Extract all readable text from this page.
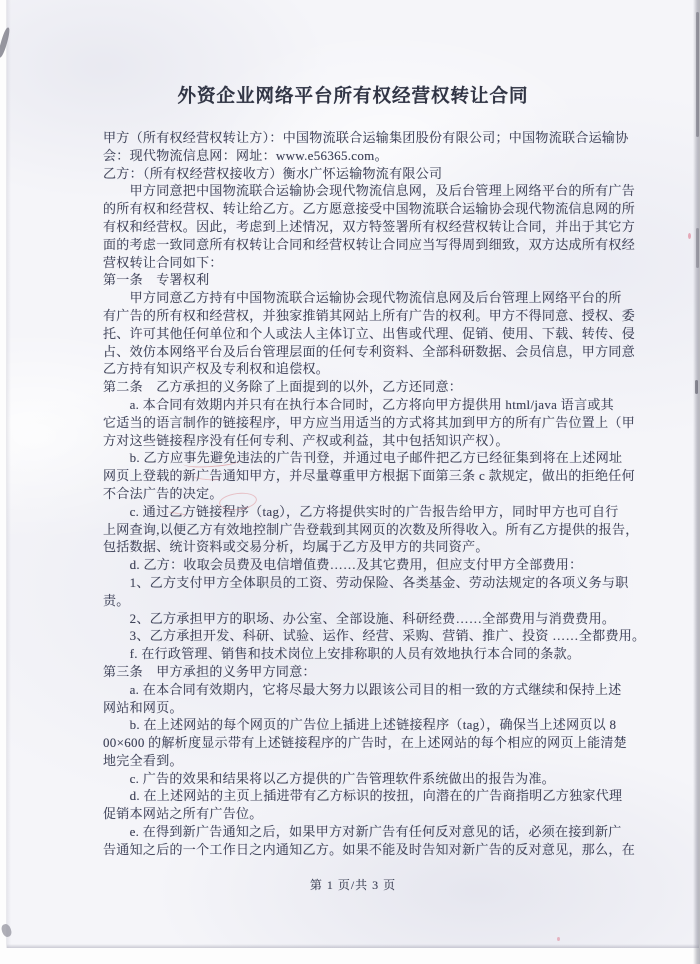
外资企业网络平台所有权经营权转让合同
甲方（所有权经营权转让方）：中国物流联合运输集团股份有限公司；中国物流联合运输协
会：现代物流信息网：网址：www.e56365.com。
乙方：（所有权经营权接收方）衡水广怀运输物流有限公司
　　甲方同意把中国物流联合运输协会现代物流信息网，及后台管理上网络平台的所有广告
的所有权和经营权、转让给乙方。乙方愿意接受中国物流联合运输协会现代物流信息网的所
有权和经营权。因此，考虑到上述情况，双方特签署所有权经营权转让合同，并出于其它方
面的考虑一致同意所有权转让合同和经营权转让合同应当写得周到细致，双方达成所有权经
营权转让合同如下：
第一条　专署权利
　　甲方同意乙方持有中国物流联合运输协会现代物流信息网及后台管理上网络平台的所
有广告的所有权和经营权，并独家推销其网站上所有广告的权利。甲方不得同意、授权、委
托、许可其他任何单位和个人或法人主体订立、出售或代理、促销、使用、下载、转传、侵
占、效仿本网络平台及后台管理层面的任何专利资料、全部科研数据、会员信息，甲方同意
乙方持有知识产权及专利权和追偿权。
第二条　乙方承担的义务除了上面提到的以外，乙方还同意：
　　a. 本合同有效期内并只有在执行本合同时，乙方将向甲方提供用 html/java 语言或其
它适当的语言制作的链接程序，甲方应当用适当的方式将其加到甲方的所有广告位置上（甲
方对这些链接程序没有任何专利、产权或利益，其中包括知识产权）。
　　b. 乙方应事先避免违法的广告刊登，并通过电子邮件把乙方已经征集到将在上述网址
网页上登载的新广告通知甲方，并尽量尊重甲方根据下面第三条 c 款规定，做出的拒绝任何
不合法广告的决定。
　　c. 通过乙方链接程序（tag），乙方将提供实时的广告报告给甲方，同时甲方也可自行
上网查询,以便乙方有效地控制广告登载到其网页的次数及所得收入。所有乙方提供的报告，
包括数据、统计资料或交易分析，均属于乙方及甲方的共同资产。
　　d. 乙方：收取会员费及电信增值费……及其它费用，但应支付甲方全部费用：
　　1、乙方支付甲方全体职员的工资、劳动保险、各类基金、劳动法规定的各项义务与职
责。
　　2、乙方承担甲方的职场、办公室、全部设施、科研经费……全部费用与消费费用。
　　3、乙方承担开发、科研、试验、运作、经营、采购、营销、推广、投资 ……全都费用。
　　f. 在行政管理、销售和技术岗位上安排称职的人员有效地执行本合同的条款。
第三条　甲方承担的义务甲方同意：
　　a. 在本合同有效期内，它将尽最大努力以跟该公司目的相一致的方式继续和保持上述
网站和网页。
　　b. 在上述网站的每个网页的广告位上插进上述链接程序（tag），确保当上述网页以 8
00×600 的解析度显示带有上述链接程序的广告时，在上述网站的每个相应的网页上能清楚
地完全看到。
　　c. 广告的效果和结果将以乙方提供的广告管理软件系统做出的报告为准。
　　d. 在上述网站的主页上插进带有乙方标识的按扭，向潜在的广告商指明乙方独家代理
促销本网站之所有广告位。
　　e. 在得到新广告通知之后，如果甲方对新广告有任何反对意见的话，必须在接到新广
告通知之后的一个工作日之内通知乙方。如果不能及时告知对新广告的反对意见，那么，在
第 1 页/共 3 页
